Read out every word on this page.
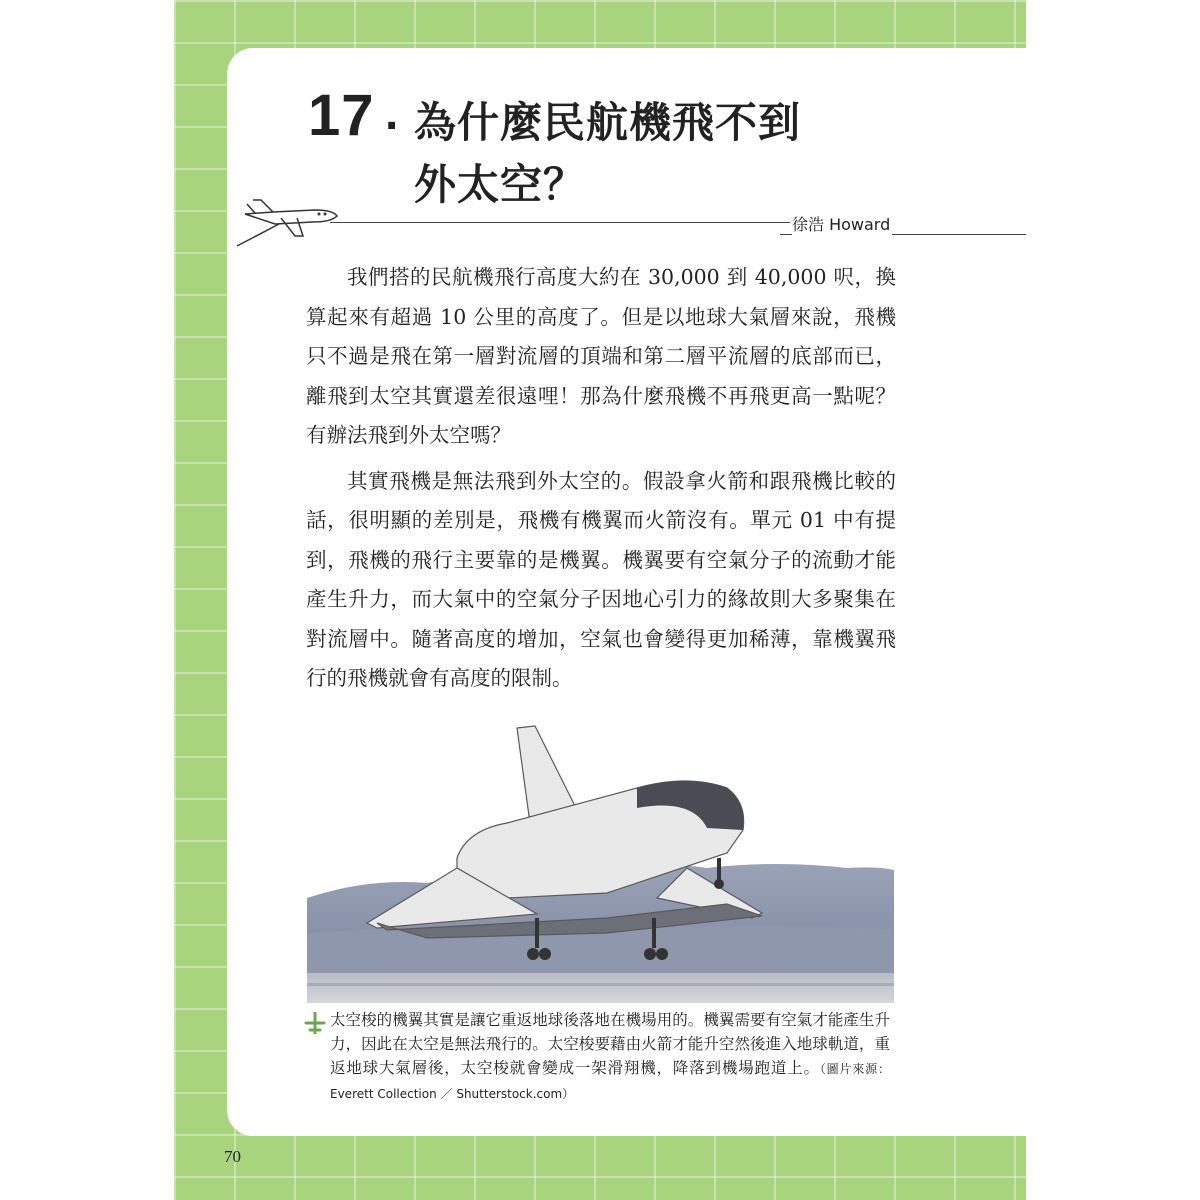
17 . 為什麼民航機飛不到
外太空？
徐浩 Howard

我們搭的民航機飛行高度大約在 30,000 到 40,000 呎，換算起來有超過 10 公里的高度了。但是以地球大氣層來說，飛機只不過是飛在第一層對流層的頂端和第二層平流層的底部而已，離飛到太空其實還差很遠哩！那為什麼飛機不再飛更高一點呢？有辦法飛到外太空嗎？

其實飛機是無法飛到外太空的。假設拿火箭和跟飛機比較的話，很明顯的差別是，飛機有機翼而火箭沒有。單元 01 中有提到，飛機的飛行主要靠的是機翼。機翼要有空氣分子的流動才能產生升力，而大氣中的空氣分子因地心引力的緣故則大多聚集在對流層中。隨著高度的增加，空氣也會變得更加稀薄，靠機翼飛行的飛機就會有高度的限制。

太空梭的機翼其實是讓它重返地球後落地在機場用的。機翼需要有空氣才能產生升力，因此在太空是無法飛行的。太空梭要藉由火箭才能升空然後進入地球軌道，重返地球大氣層後，太空梭就會變成一架滑翔機，降落到機場跑道上。（圖片來源：Everett Collection ／ Shutterstock.com）
70
